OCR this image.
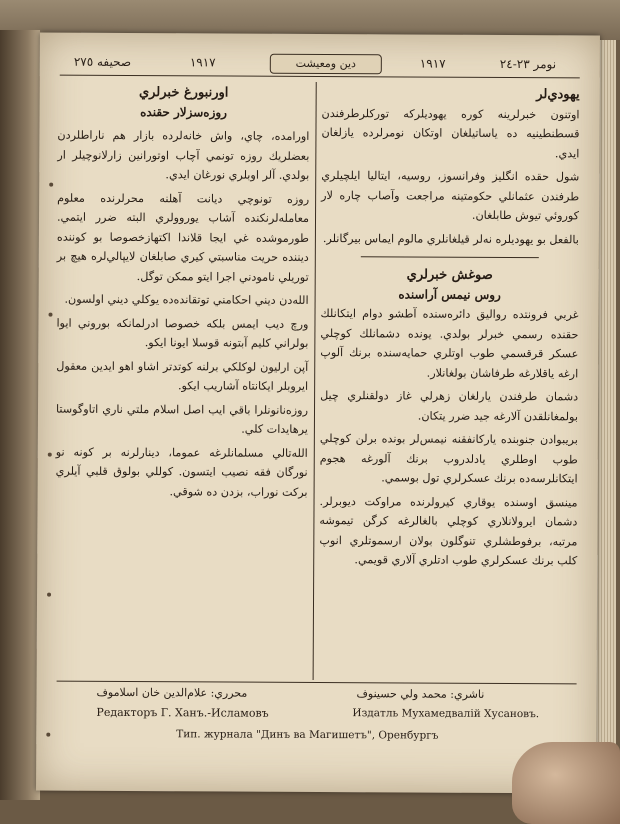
صحيفه ٢٧٥	١٩١٧	دين ومعيشت	١٩١٧	نومر ٢٣-٢٤
يهودي‌لر

اوتنون خبرلرينه كوره يهوديلركه توركلرطرفندن قسطنطينيه ده ياساتيلغان اوتكان نومرلرده يازلغان ايدي.

شول حقده انگليز وفرانسوز، روسيه، ايتاليا ايلچيلري طرفندن عثمانلي حكومتينه مراجعت وآصاب چاره لار كوروئي تيوش طابلغان.

بالفعل بو يهوديلره نه‌لر قيلغانلري مالوم ايماس بيرگانلر.

صوغش خبرلري
روس نيمس آراسنده

غربي فرونتده رواليق دائره‌سنده آطشو دوام ايتكانلك حقنده رسمي خبرلر بولدي. يونده دشمانلك كوچلي عسكر قرقسمي طوب اوتلري حمايه‌سنده برنك آلوپ ارغه ياقلارغه طرفاشان بولغانلار.

دشمان طرفندن يارلغان زهرلي غاز دولقنلري چيل بولمغانلقدن آلارغه جيد ضرر يتكان.

بريبوادن جنوبنده ياركانفقنه نيمس‌لر بونده برلن كوچلي طوب اوطلري يادلدروب برنك آلورغه هجوم ايتكانلرسه‌ده برنك عسكرلري تول بوسمي.

مينسق اوسنده يوقاري كيرولرنده مراوكت ديوبرلر. دشمان ايرولانلاري كوچلي بالغالرغه كرگن تيموشه مرتبه، برفوطشلري تنوگلون بولان ارسموتلري انوپ كلب برنك عسكرلري طوب ادتلري آلاري قويمي.

اورنبورغ خبرلري
روزه‌سزلار حقنده

اورامده، چاي، واش خانه‌لرده بازار هم ناراطلردن بعضلريك روزه تونمي آچاب اوتورانين زارلانوچيلر ار بولدي. آلر اوبلري نورغان ايدي.

روزه تونوچي ديانت آهلنه محرلرنده معلوم معامله‌لرنكنده آشاب يوروولري البته ضرر ايتمي. طورموشده غي ايجا قلاندا اكتهازخصوصا بو كوننده ديننده حريت مناسبتي كيري صابلغان لايپالي‌لره هيچ بر توريلي نامودني اجرا ايتو ممكن توگل.

الله‌دن ديني احكامني توتقانده‌ده يوكلي ديني اولسون.

ورچ ديب ايمس بلكه خصوصا ادرلمانكه بوروني ايوا بولراني كليم آبتونه قوسلا ايونا ايكو.

آپن ارليون لوكلكي برلنه كوتدتر اشاو اهو ايدين معقول ايروبلر ايكانتاه آشاريب ايكو.

روزه‌نانونلرا باقي ايب اصل اسلام ملتي ناري اتاو‌گوستا يرهايدات كلي.

الله‌تالي مسلمانلرغه عموما، دينارلرنه بر كونه نو نورگان فقه نصيب ايتسون. كوللي بولوق قلبي آيلري بركت نوراب، بزدن ده شوقي.

محرري: علام‌الدين خان اسلاموف	ناشري: محمد ولي حسينوف
Редакторъ Г. Ханъ.-Исламовъ	Издатль Мухамедвалій Хусановъ.
Тип. журнала "Динъ ва Магишетъ", Оренбургъ
